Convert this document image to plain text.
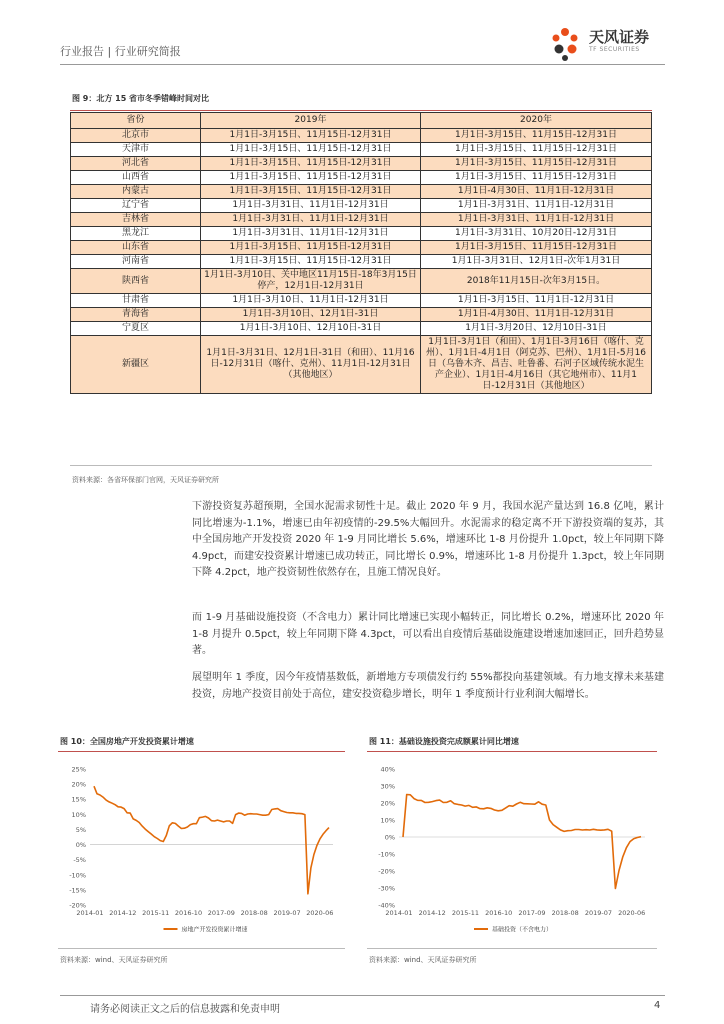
行业报告 | 行业研究简报
天风证券
TF SECURITIES
图 9：北方 15 省市冬季错峰时间对比
省份	2019年	2020年
北京市	1月1日-3月15日、11月15日-12月31日	1月1日-3月15日、11月15日-12月31日
天津市	1月1日-3月15日、11月15日-12月31日	1月1日-3月15日、11月15日-12月31日
河北省	1月1日-3月15日、11月15日-12月31日	1月1日-3月15日、11月15日-12月31日
山西省	1月1日-3月15日、11月15日-12月31日	1月1日-3月15日、11月15日-12月31日
内蒙古	1月1日-3月15日、11月15日-12月31日	1月1日-4月30日、11月1日-12月31日
辽宁省	1月1日-3月31日、11月1日-12月31日	1月1日-3月31日、11月1日-12月31日
吉林省	1月1日-3月31日、11月1日-12月31日	1月1日-3月31日、11月1日-12月31日
黑龙江	1月1日-3月31日、11月1日-12月31日	1月1日-3月31日、10月20日-12月31日
山东省	1月1日-3月15日、11月15日-12月31日	1月1日-3月15日、11月15日-12月31日
河南省	1月1日-3月15日、11月15日-12月31日	1月1日-3月31日、12月1日-次年1月31日
陕西省	1月1日-3月10日、关中地区11月15日-18年3月15日停产，12月1日-12月31日	2018年11月15日-次年3月15日。
甘肃省	1月1日-3月10日、11月1日-12月31日	1月1日-3月15日、11月1日-12月31日
青海省	1月1日-3月10日、12月1日-31日	1月1日-4月30日、11月1日-12月31日
宁夏区	1月1日-3月10日、12月10日-31日	1月1日-3月20日、12月10日-31日
新疆区	1月1日-3月31日、12月1日-31日（和田）、11月16日-12月31日（喀什、克州）、11月1日-12月31日（其他地区）	1月1日-3月1日（和田）、1月1日-3月16日（喀什、克州）、1月1日-4月1日（阿克苏、巴州）、1月1日-5月16日（乌鲁木齐、昌吉、吐鲁番、石河子区域传统水泥生产企业）、1月1日-4月16日（其它地州市）、11月1日-12月31日（其他地区）
资料来源：各省环保部门官网，天风证券研究所

下游投资复苏超预期，全国水泥需求韧性十足。截止 2020 年 9 月，我国水泥产量达到 16.8 亿吨，累计同比增速为-1.1%，增速已由年初疫情的-29.5%大幅回升。水泥需求的稳定离不开下游投资端的复苏，其中全国房地产开发投资 2020 年 1-9 月同比增长 5.6%，增速环比 1-8 月份提升 1.0pct，较上年同期下降 4.9pct，而建安投资累计增速已成功转正，同比增长 0.9%，增速环比 1-8 月份提升 1.3pct，较上年同期下降 4.2pct，地产投资韧性依然存在，且施工情况良好。

而 1-9 月基础设施投资（不含电力）累计同比增速已实现小幅转正，同比增长 0.2%，增速环比 2020 年 1-8 月提升 0.5pct，较上年同期下降 4.3pct，可以看出自疫情后基础设施建设增速加速回正，回升趋势显著。

展望明年 1 季度，因今年疫情基数低，新增地方专项债发行约 55%都投向基建领域。有力地支撑未来基建投资，房地产投资目前处于高位，建安投资稳步增长，明年 1 季度预计行业利润大幅增长。

图 10：全国房地产开发投资累计增速
25%
20%
15%
10%
5%
0%
-5%
-10%
-15%
-20%
2014-01 2014-12 2015-11 2016-10 2017-09 2018-08 2019-07 2020-06
房地产开发投资累计增速
资料来源：wind、天风证券研究所
图 11：基础设施投资完成额累计同比增速
40%
30%
20%
10%
0%
-10%
-20%
-30%
-40%
2014-01 2014-12 2015-11 2016-10 2017-09 2018-08 2019-07 2020-06
基础投资（不含电力）
资料来源：wind、天风证券研究所
请务必阅读正文之后的信息披露和免责申明	4
